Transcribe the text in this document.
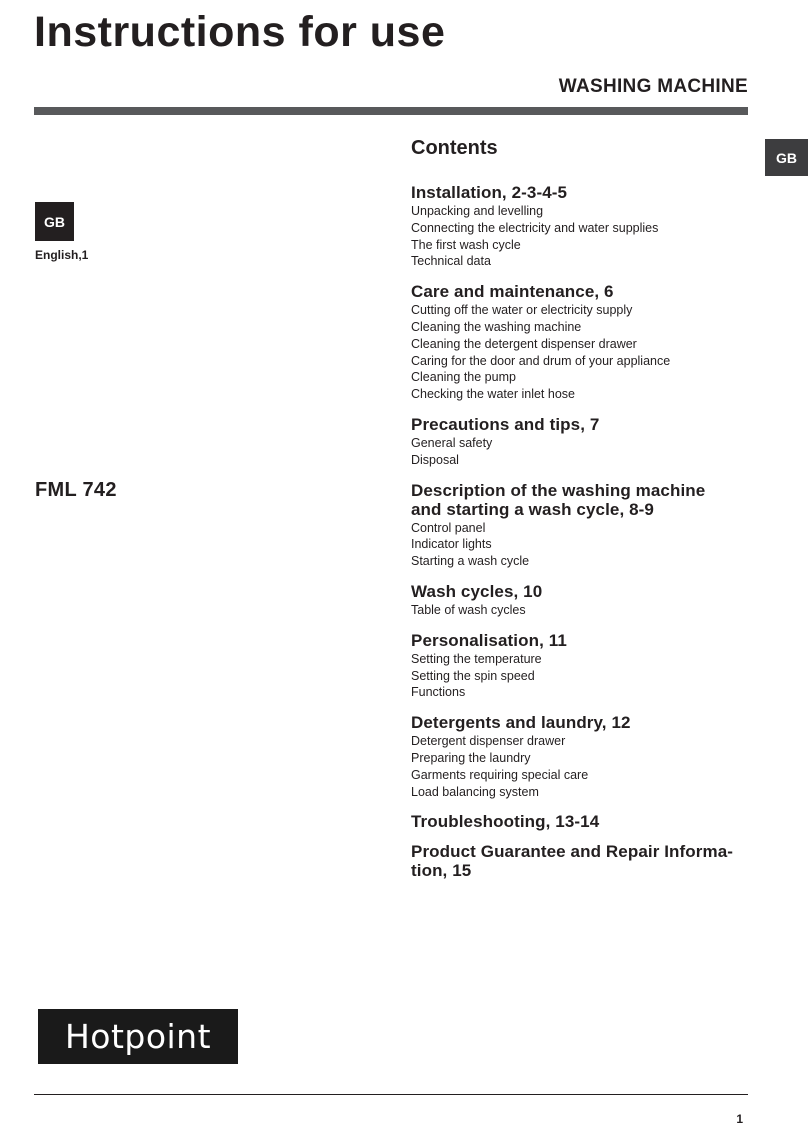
Instructions for use
WASHING MACHINE
GB
GB
English,1
FML 742
Hotpoint
Contents
Installation, 2-3-4-5
Unpacking and levelling
Connecting the electricity and water supplies
The first wash cycle
Technical data
Care and maintenance, 6
Cutting off the water or electricity supply
Cleaning the washing machine
Cleaning the detergent dispenser drawer
Caring for the door and drum of your appliance
Cleaning the pump
Checking the water inlet hose
Precautions and tips, 7
General safety
Disposal
Description of the washing machine
and starting a wash cycle, 8-9
Control panel
Indicator lights
Starting a wash cycle
Wash cycles, 10
Table of wash cycles
Personalisation, 11
Setting the temperature
Setting the spin speed
Functions
Detergents and laundry, 12
Detergent dispenser drawer
Preparing the laundry
Garments requiring special care
Load balancing system
Troubleshooting, 13-14
Product Guarantee and Repair Informa-
tion, 15
1
